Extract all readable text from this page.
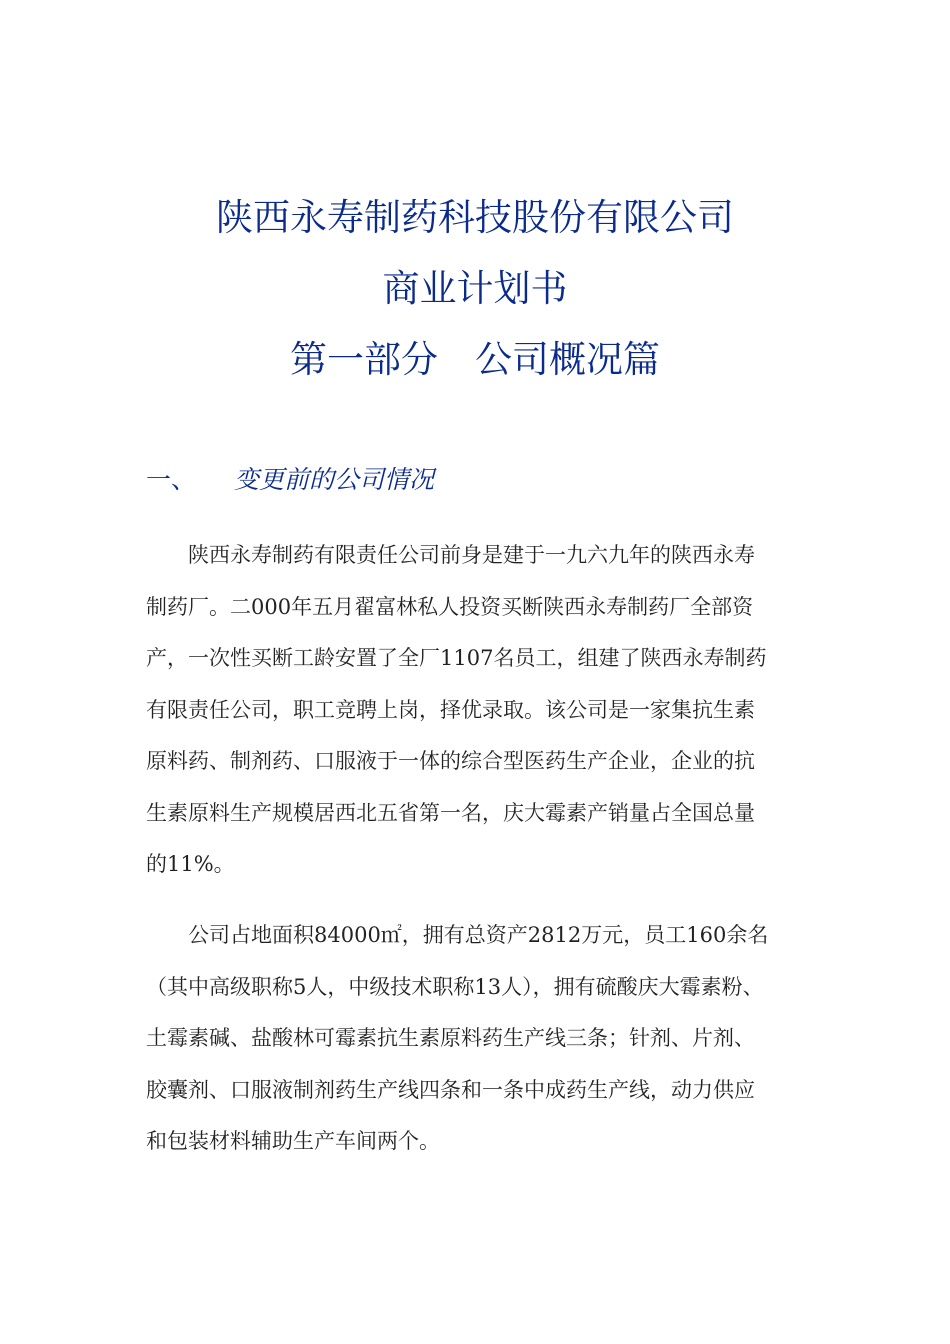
陕西永寿制药科技股份有限公司
商业计划书
第一部分　公司概况篇
一、 变更前的公司情况
陕西永寿制药有限责任公司前身是建于一九六九年的陕西永寿
制药厂。二000年五月翟富林私人投资买断陕西永寿制药厂全部资
产，一次性买断工龄安置了全厂1107名员工，组建了陕西永寿制药
有限责任公司，职工竞聘上岗，择优录取。该公司是一家集抗生素
原料药、制剂药、口服液于一体的综合型医药生产企业，企业的抗
生素原料生产规模居西北五省第一名，庆大霉素产销量占全国总量
的11%。
公司占地面积84000㎡，拥有总资产2812万元，员工160余名
（其中高级职称5人，中级技术职称13人），拥有硫酸庆大霉素粉、
土霉素碱、盐酸林可霉素抗生素原料药生产线三条；针剂、片剂、
胶囊剂、口服液制剂药生产线四条和一条中成药生产线，动力供应
和包装材料辅助生产车间两个。
